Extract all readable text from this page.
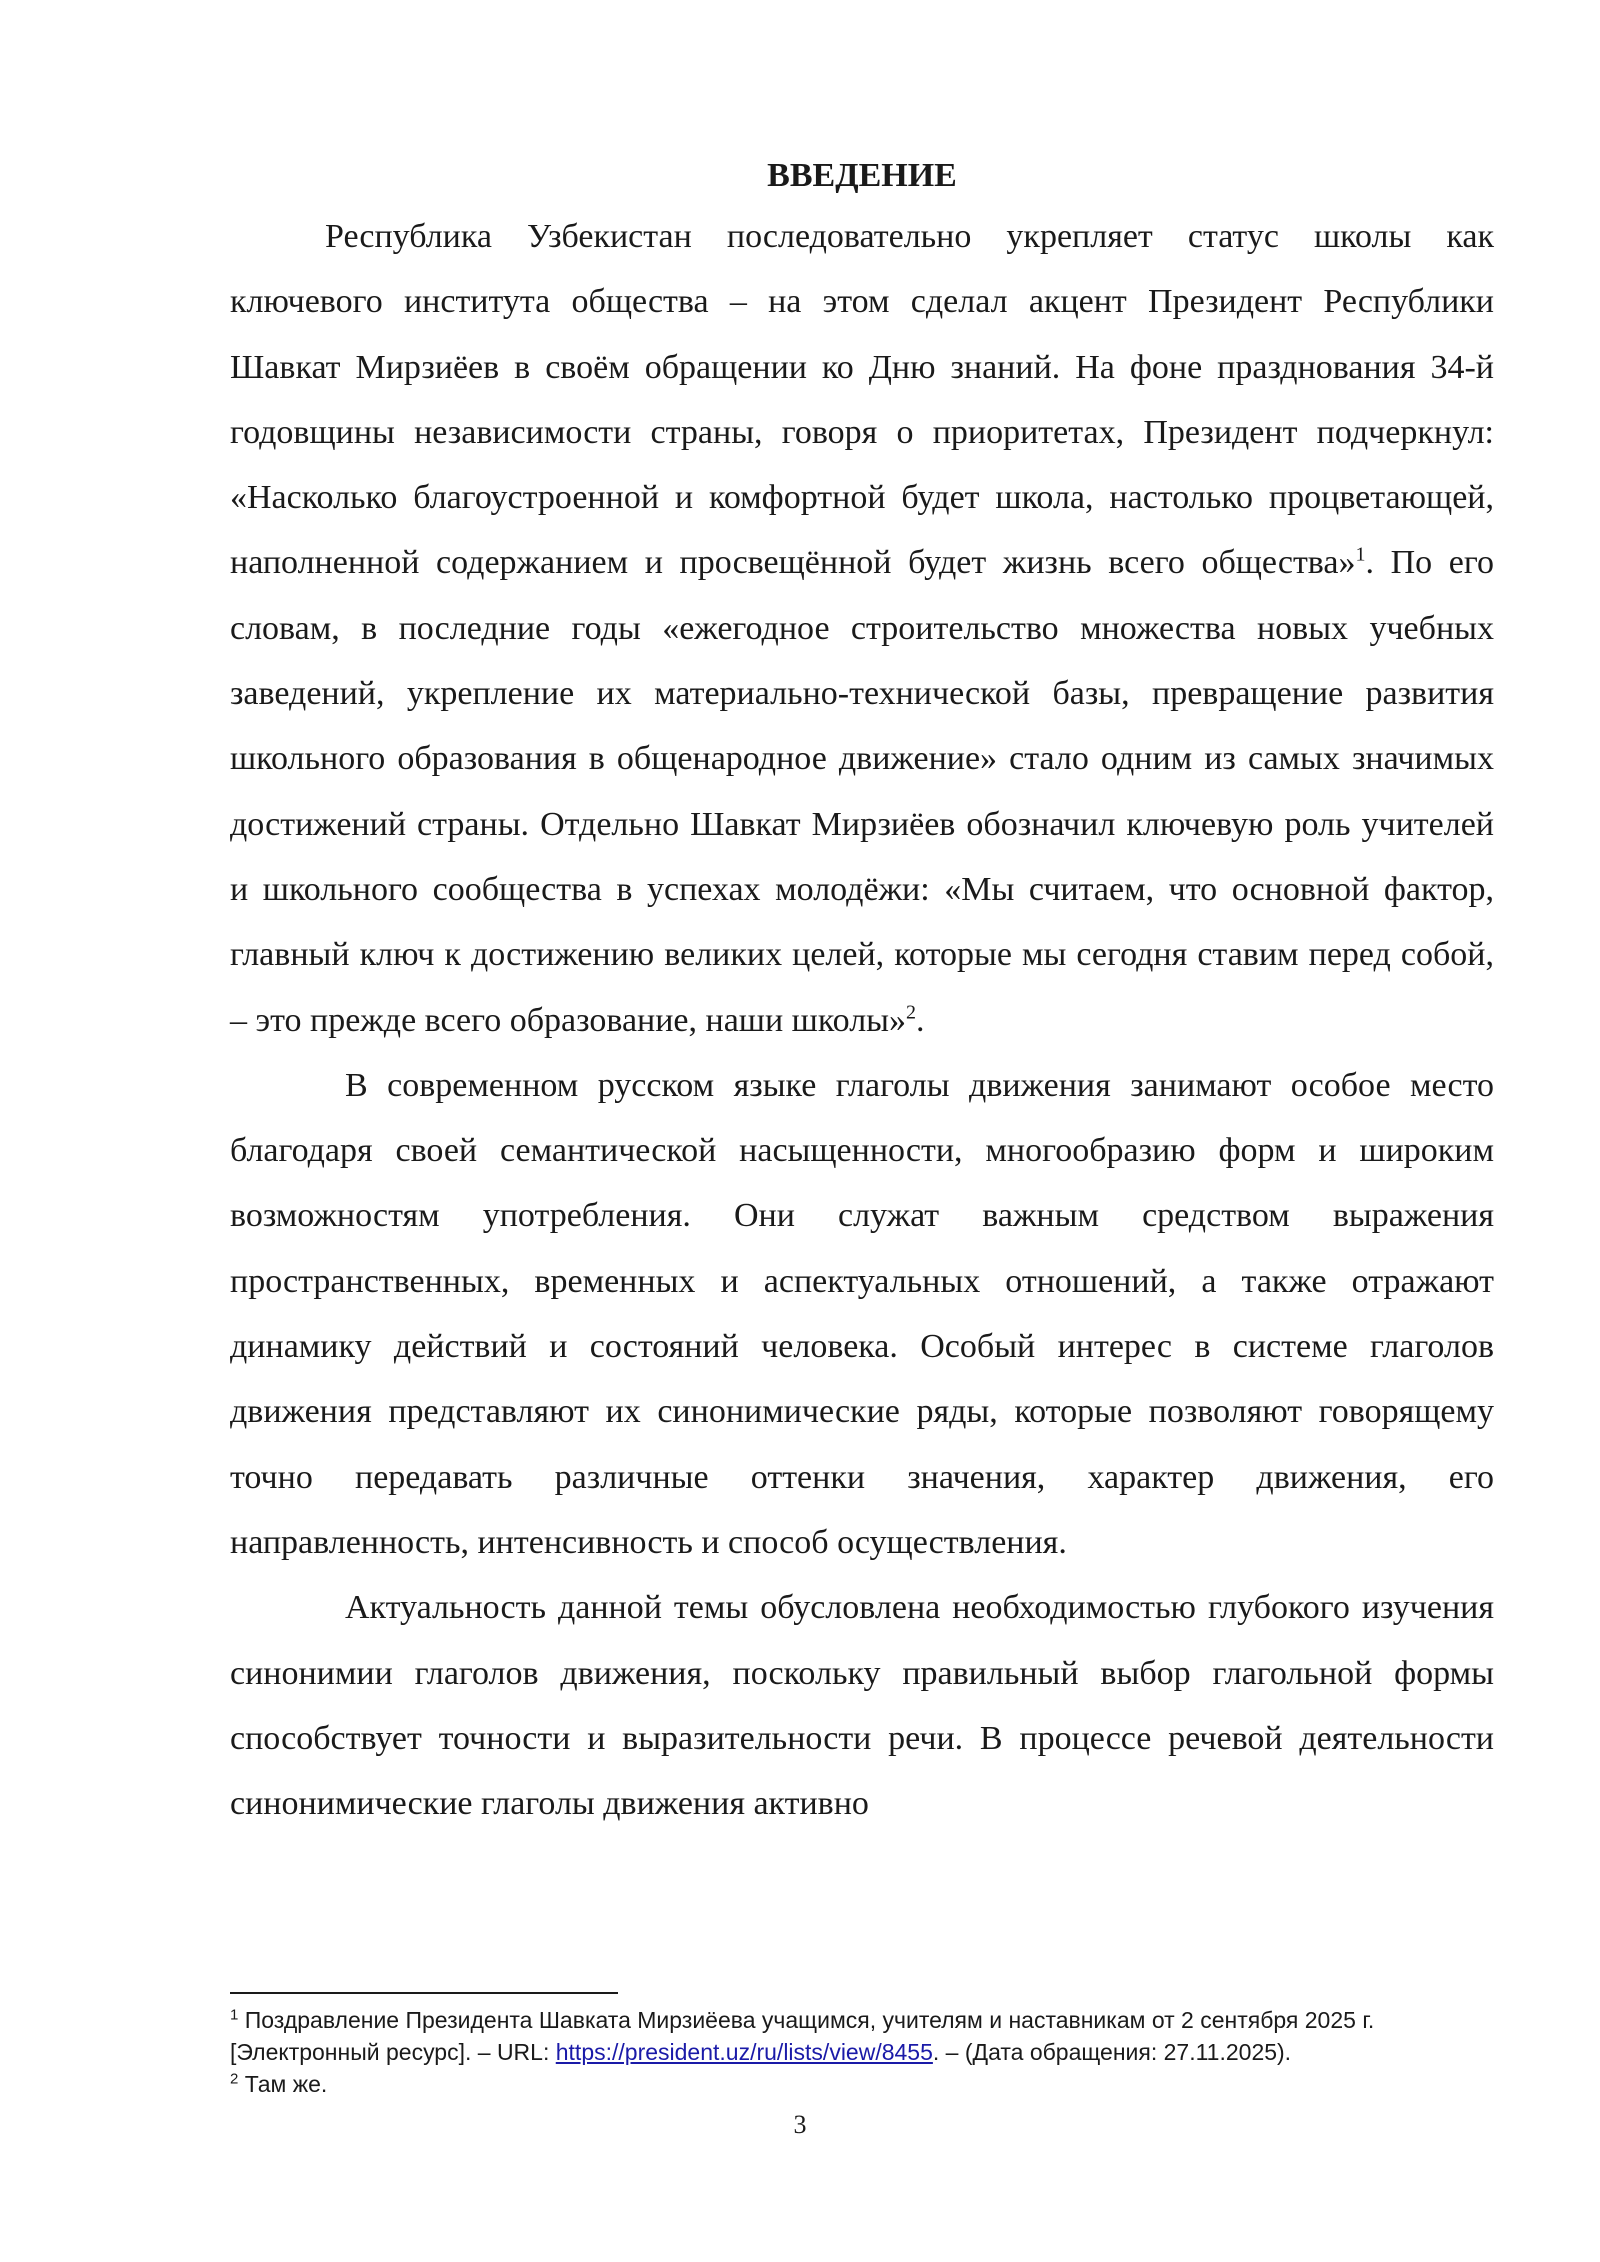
ВВЕДЕНИЕ

Республика Узбекистан последовательно укрепляет статус школы как ключевого института общества – на этом сделал акцент Президент Республики Шавкат Мирзиёев в своём обращении ко Дню знаний. На фоне празднования 34-й годовщины независимости страны, говоря о приоритетах, Президент подчеркнул: «Насколько благоустроенной и комфортной будет школа, настолько процветающей, наполненной содержанием и просвещённой будет жизнь всего общества»$^1$. По его словам, в последние годы «ежегодное строительство множества новых учебных заведений, укрепление их материально-технической базы, превращение развития школьного образования в общенародное движение» стало одним из самых значимых достижений страны. Отдельно Шавкат Мирзиёев обозначил ключевую роль учителей и школьного сообщества в успехах молодёжи: «Мы считаем, что основной фактор, главный ключ к достижению великих целей, которые мы сегодня ставим перед собой, – это прежде всего образование, наши школы»$^2$.

В современном русском языке глаголы движения занимают особое место благодаря своей семантической насыщенности, многообразию форм и широким возможностям употребления. Они служат важным средством выражения пространственных, временных и аспектуальных отношений, а также отражают динамику действий и состояний человека. Особый интерес в системе глаголов движения представляют их синонимические ряды, которые позволяют говорящему точно передавать различные оттенки значения, характер движения, его направленность, интенсивность и способ осуществления.

Актуальность данной темы обусловлена необходимостью глубокого изучения синонимии глаголов движения, поскольку правильный выбор глагольной формы способствует точности и выразительности речи. В процессе речевой деятельности синонимические глаголы движения активно

$^1$ Поздравление Президента Шавката Мирзиёева учащимся, учителям и наставникам от 2 сентября 2025 г. [Электронный ресурс]. – URL: https://president.uz/ru/lists/view/8455. – (Дата обращения: 27.11.2025).

$^2$ Там же.

3
